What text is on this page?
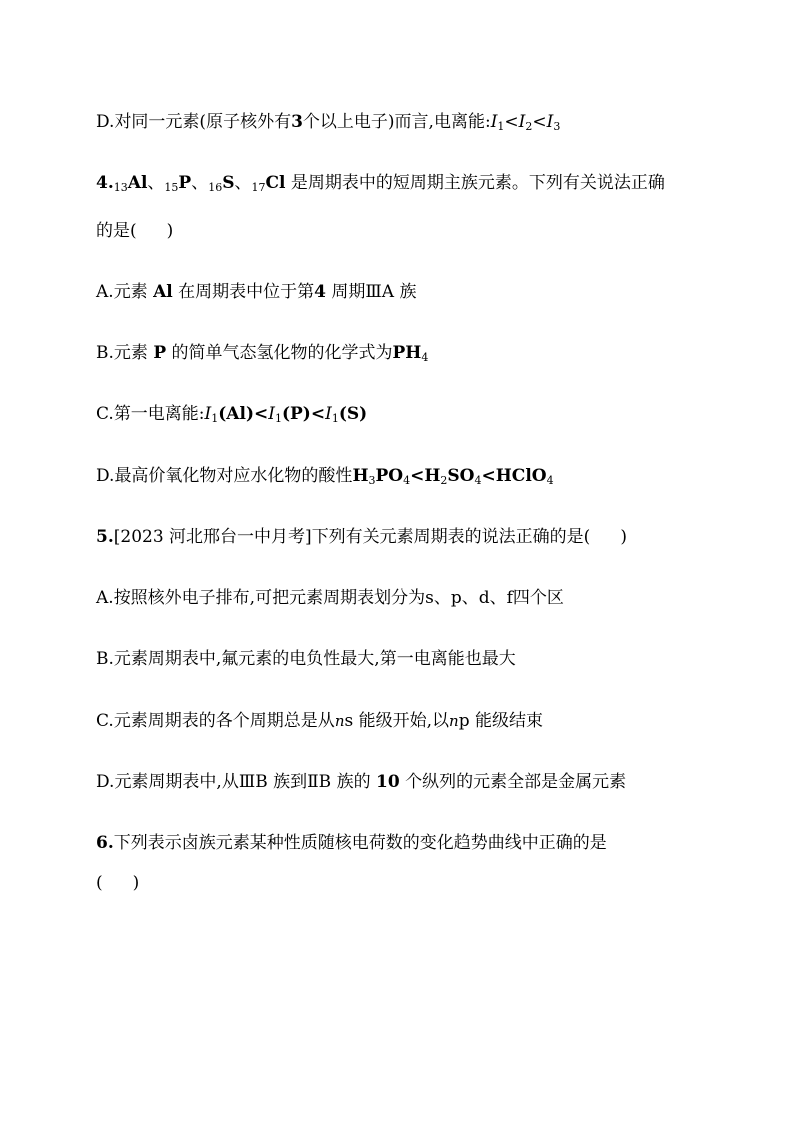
D.对同一元素(原子核外有3个以上电子)而言,电离能$:I_1<I_2<I_3$
$4._{13}Al$、$_{15}$P、$_{16}$S、$_{17}$Cl 是周期表中的短周期主族元素。下列有关说法正确
的是( )
A.元素 Al 在周期表中位于第4 周期ⅢA 族
B.元素 P 的简单气态氢化物的化学式为$PH_4$
C.第一电离能$:I_1(Al)<I_1(P)<I_1(S)$
D.最高价氧化物对应水化物的酸性$H_3PO_4<H_2SO_4<HClO_4$
5.[2023 河北邢台一中月考]下列有关元素周期表的说法正确的是( )
A.按照核外电子排布,可把元素周期表划分为s、p、d、f四个区
B.元素周期表中,氟元素的电负性最大,第一电离能也最大
C.元素周期表的各个周期总是从ns 能级开始,以np 能级结束
D.元素周期表中,从ⅢB 族到ⅡB 族的 10 个纵列的元素全部是金属元素
6.下列表示卤族元素某种性质随核电荷数的变化趋势曲线中正确的是
( )
